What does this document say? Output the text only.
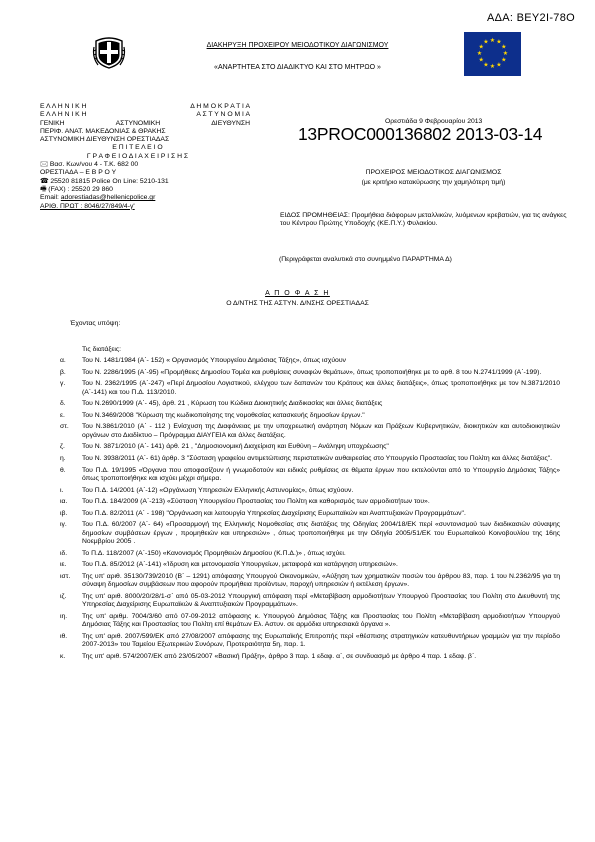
ΑΔΑ: ΒΕΥ2Ι-78Ο
ΔΙΑΚΗΡΥΞΗ ΠΡΟΧΕΙΡΟΥ ΜΕΙΟΔΟΤΙΚΟΥ ΔΙΑΓΩΝΙΣΜΟΥ
«ΑΝΑΡΤΗΤΕΑ ΣΤΟ ΔΙΑΔΙΚΤΥΟ ΚΑΙ ΣΤΟ ΜΗΤΡΩΟ »
★ ★
★
★
★
★
★
★
★
★
★
★
Ε Λ Λ Η Ν Ι Κ Η	Δ Η Μ Ο Κ Ρ Α Τ Ι Α
Ε Λ Λ Η Ν Ι Κ Η	Α Σ Τ Υ Ν Ο Μ Ι Α
ΓΕΝΙΚΗ	ΑΣΤΥΝΟΜΙΚΗ	ΔΙΕΥΘΥΝΣΗ
ΠΕΡΙΦ. ΑΝΑΤ. ΜΑΚΕΔΟΝΙΑΣ & ΘΡΑΚΗΣ
ΑΣΤΥΝΟΜΙΚΗ ΔΙΕΥΘΥΝΣΗ ΟΡΕΣΤΙΑΔΑΣ
Ε Π Ι Τ Ε Λ Ε Ι Ο
Γ Ρ Α Φ Ε Ι Ο Δ Ι Α Χ Ε Ι Ρ Ι Σ Η Σ
🖂 Βασ. Κων/νου 4 - Τ.Κ. 682 00
ΟΡΕΣΤΙΑΔΑ – Ε Β Ρ Ο Υ
☎ 25520 81815 Police On Line: 5210-131
🖷 (FAX) : 25520 29 860
Email: adorestiadas@hellenicpolice.gr
ΑΡΙΘ. ΠΡΩΤ : 8046/27/849/4-γ'
Ορεστιάδα 9 Φεβρουαρίου 2013
13PROC000136802 2013-03-14
ΠΡΟΧΕΙΡΟΣ ΜΕΙΟΔΟΤΙΚΟΣ ΔΙΑΓΩΝΙΣΜΟΣ
(με κριτήριο κατακύρωσης την χαμηλότερη τιμή)
ΕΙΔΟΣ ΠΡΟΜΗΘΕΙΑΣ: Προμήθεια διάφορων μεταλλικών, λυόμενων κρεβατιών, για τις ανάγκες του Κέντρου Πρώτης Υποδοχής (ΚΕ.Π.Υ.) Φυλακίου.
(Περιγράφεται αναλυτικά στο συνημμένο ΠΑΡΑΡΤΗΜΑ Δ)
Α Π Ο Φ Α Σ Η
Ο Δ/ΝΤΗΣ ΤΗΣ ΑΣΤΥΝ. Δ/ΝΣΗΣ ΟΡΕΣΤΙΑΔΑΣ
Έχοντας υπόψη:
Τις διατάξεις:
α.	Του Ν. 1481/1984 (Α΄- 152) « Οργανισμός Υπουργείου Δημόσιας Τάξης», όπως ισχύουν
β.	Του Ν. 2286/1995 (Α΄-95) «Προμήθειες Δημοσίου Τομέα και ρυθμίσεις συναφών θεμάτων», όπως τροποποιήθηκε με το αρθ. 8 του Ν.2741/1999 (Α΄-199).
γ.	Του Ν. 2362/1995 (Α΄-247) «Περί Δημοσίου Λογιστικού, ελέγχου των δαπανών του Κράτους και άλλες διατάξεις», όπως τροποποιήθηκε με τον Ν.3871/2010 (Α΄-141) και του Π.Δ. 113/2010.
δ.	Του Ν.2690/1999 (Α΄- 45), άρθ. 21 , Κύρωση του Κώδικα Διοικητικής Διαδικασίας και άλλες διατάξεις
ε.	Του Ν.3469/2008 "Κύρωση της κωδικοποίησης της νομοθεσίας κατασκευής δημοσίων έργων."
στ.	Του Ν.3861/2010 (Α΄ - 112 ) Ενίσχυση της Διαφάνειας με την υποχρεωτική ανάρτηση Νόμων και Πράξεων Κυβερνητικών, διοικητικών και αυτοδιοικητικών οργάνων στο Διαδίκτυο – Πρόγραμμα ΔΙΑΥΓΕΙΑ και άλλες διατάξεις.
ζ.	Του Ν. 3871/2010 (Α΄- 141) άρθ. 21 , "Δημοσιονομική Διαχείριση και Ευθύνη – Ανάληψη υποχρέωσης"
η.	Του Ν. 3938/2011 (Α΄- 61) άρθρ. 3 "Σύσταση γραφείου αντιμετώπισης περιστατικών αυθαιρεσίας στο Υπουργείο Προστασίας του Πολίτη και άλλες διατάξεις".
θ.	Του Π.Δ. 19/1995 «Όργανα που αποφασίζουν ή γνωμοδοτούν και ειδικές ρυθμίσεις σε θέματα έργων που εκτελούνται από το Υπουργείο Δημόσιας Τάξης» όπως τροποποιήθηκε και ισχύει μέχρι σήμερα.
ι.	Του Π.Δ. 14/2001 (Α΄-12) «Οργάνωση Υπηρεσιών Ελληνικής Αστυνομίας», όπως ισχύουν.
ια.	Του Π.Δ. 184/2009 (Α΄-213) «Σύσταση Υπουργείου Προστασίας του Πολίτη και καθορισμός των αρμοδιοτήτων του».
ιβ.	Του Π.Δ. 82/2011 (Α΄ - 198) "Οργάνωση και λειτουργία Υπηρεσίας Διαχείρισης Ευρωπαϊκών και Αναπτυξιακών Προγραμμάτων".
ιγ.	Του Π.Δ. 60/2007 (Α΄- 64) «Προσαρμογή της Ελληνικής Νομοθεσίας στις διατάξεις της Οδηγίας 2004/18/ΕΚ περί «συντονισμού των διαδικασιών σύναψης δημοσίων συμβάσεων έργων , προμηθειών και υπηρεσιών» , όπως τροποποιήθηκε με την Οδηγία 2005/51/ΕΚ του Ευρωπαϊκού Κοινοβουλίου της 16ης Νοεμβρίου 2005 .
ιδ.	Το Π.Δ. 118/2007 (Α΄-150) «Κανονισμός Προμηθειών Δημοσίου (Κ.Π.Δ.)» , όπως ισχύει.
ιε.	Του Π.Δ. 85/2012 (Α΄-141) «Ίδρυση και μετονομασία Υπουργείων, μεταφορά και κατάργηση υπηρεσιών».
ιστ.	Της υπ' αριθ. 35130/739/2010 (Β΄ – 1291) απόφασης Υπουργού Οικονομικών, «Αύξηση των χρηματικών ποσών του άρθρου 83, παρ. 1 του Ν.2362/95 για τη σύναψη δημοσίων συμβάσεων που αφορούν προμήθεια προϊόντων, παροχή υπηρεσιών ή εκτέλεση έργων».
ιζ.	Της υπ' αριθ. 8000/20/28/1-σ΄ από 05-03-2012 Υπουργική απόφαση περί «Μεταβίβαση αρμοδιοτήτων Υπουργού Προστασίας του Πολίτη στο Διευθυντή της Υπηρεσίας Διαχείρισης Ευρωπαϊκών & Αναπτυξιακών Προγραμμάτων».
ιη.	Της υπ' αριθμ. 7004/3/60 από 07-09-2012 απόφασης κ. Υπουργού Δημόσιας Τάξης και Προστασίας του Πολίτη «Μεταβίβαση αρμοδιοτήτων Υπουργού Δημόσιας Τάξης και Προστασίας του Πολίτη επί θεμάτων Ελ. Αστυν. σε αρμόδια υπηρεσιακά όργανα ».
ιθ.	Της υπ' αριθ. 2007/599/ΕΚ από 27/08/2007 απόφασης της Ευρωπαϊκής Επιτροπής περί «θέσπισης στρατηγικών κατευθυντήριων γραμμών για την περίοδο 2007-2013» του Ταμείου Εξωτερικών Συνόρων, Προτεραιότητα 5η, παρ. 1.
κ.	Της υπ' αριθ. 574/2007/ΕΚ από 23/05/2007 «Βασική Πράξη», άρθρο 3 παρ. 1 εδαφ. α΄, σε συνδυασμό με άρθρο 4 παρ. 1 εδαφ. β΄.
